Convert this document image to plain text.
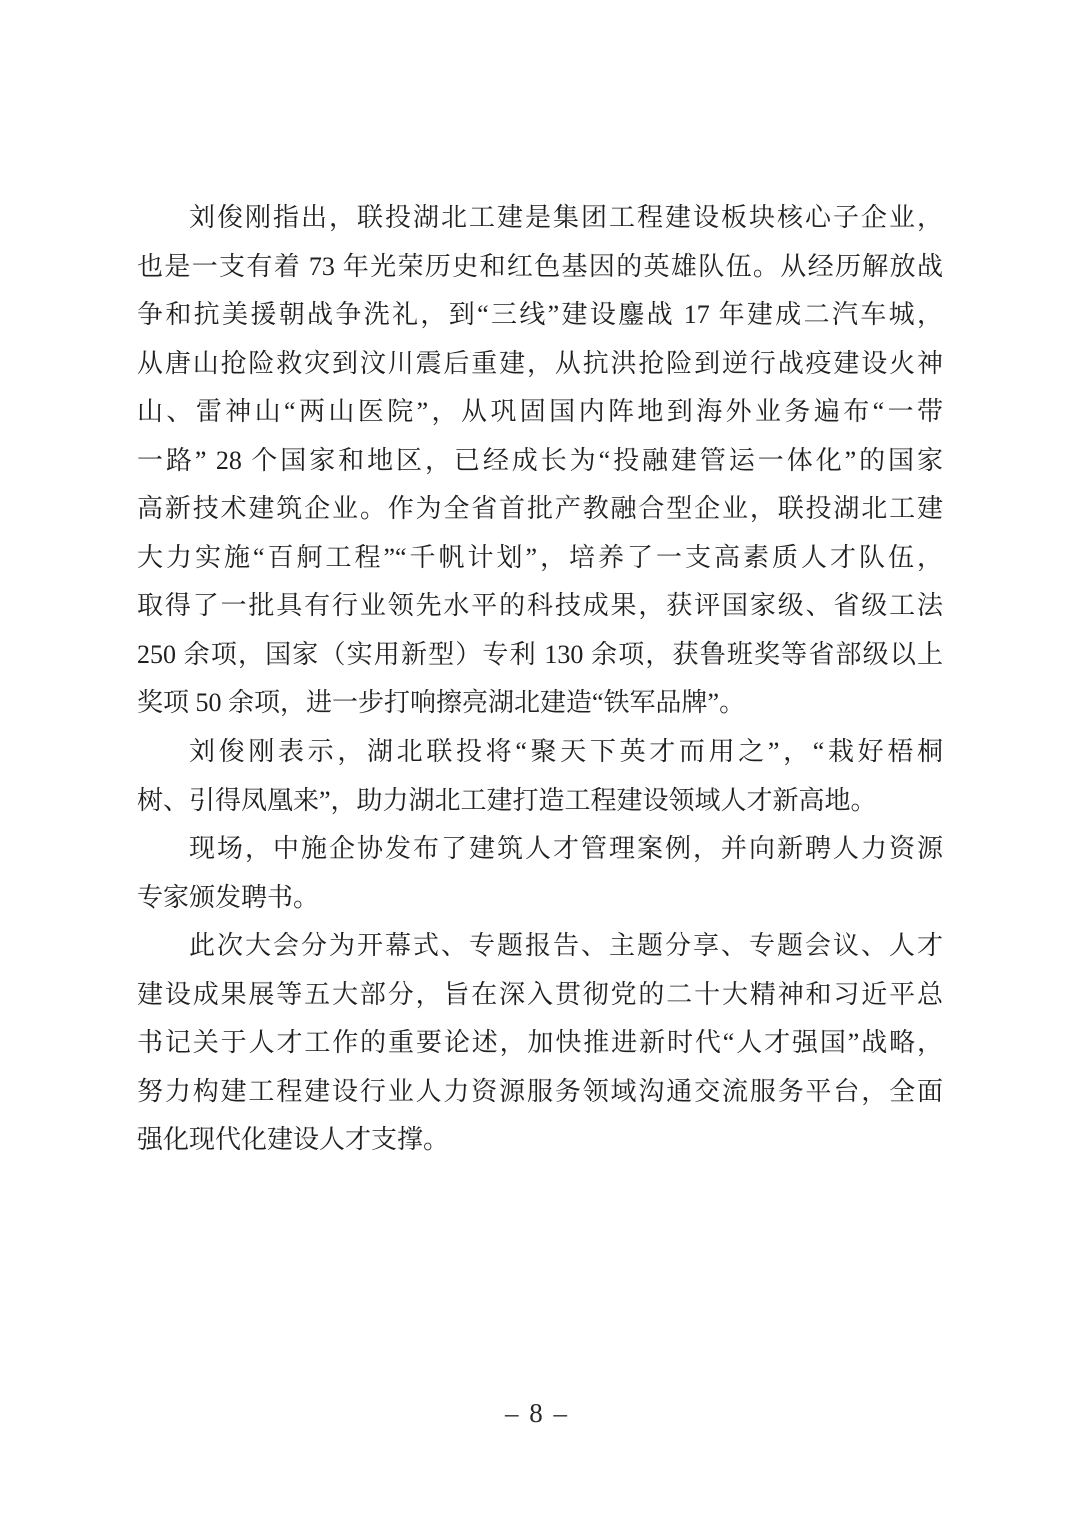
刘俊刚指出，联投湖北工建是集团工程建设板块核心子企业，
也是一支有着 73 年光荣历史和红色基因的英雄队伍。从经历解放战
争和抗美援朝战争洗礼，到“三线”建设鏖战 17 年建成二汽车城，
从唐山抢险救灾到汶川震后重建，从抗洪抢险到逆行战疫建设火神
山、雷神山“两山医院”，从巩固国内阵地到海外业务遍布“一带
一路” 28 个国家和地区，已经成长为“投融建管运一体化”的国家
高新技术建筑企业。作为全省首批产教融合型企业，联投湖北工建
大力实施“百舸工程”“千帆计划”，培养了一支高素质人才队伍，
取得了一批具有行业领先水平的科技成果，获评国家级、省级工法
250 余项，国家（实用新型）专利 130 余项，获鲁班奖等省部级以上
奖项 50 余项，进一步打响擦亮湖北建造“铁军品牌”。
刘俊刚表示，湖北联投将“聚天下英才而用之”，“栽好梧桐
树、引得凤凰来”，助力湖北工建打造工程建设领域人才新高地。
现场，中施企协发布了建筑人才管理案例，并向新聘人力资源
专家颁发聘书。
此次大会分为开幕式、专题报告、主题分享、专题会议、人才
建设成果展等五大部分，旨在深入贯彻党的二十大精神和习近平总
书记关于人才工作的重要论述，加快推进新时代“人才强国”战略，
努力构建工程建设行业人力资源服务领域沟通交流服务平台，全面
强化现代化建设人才支撑。
– 8 –
